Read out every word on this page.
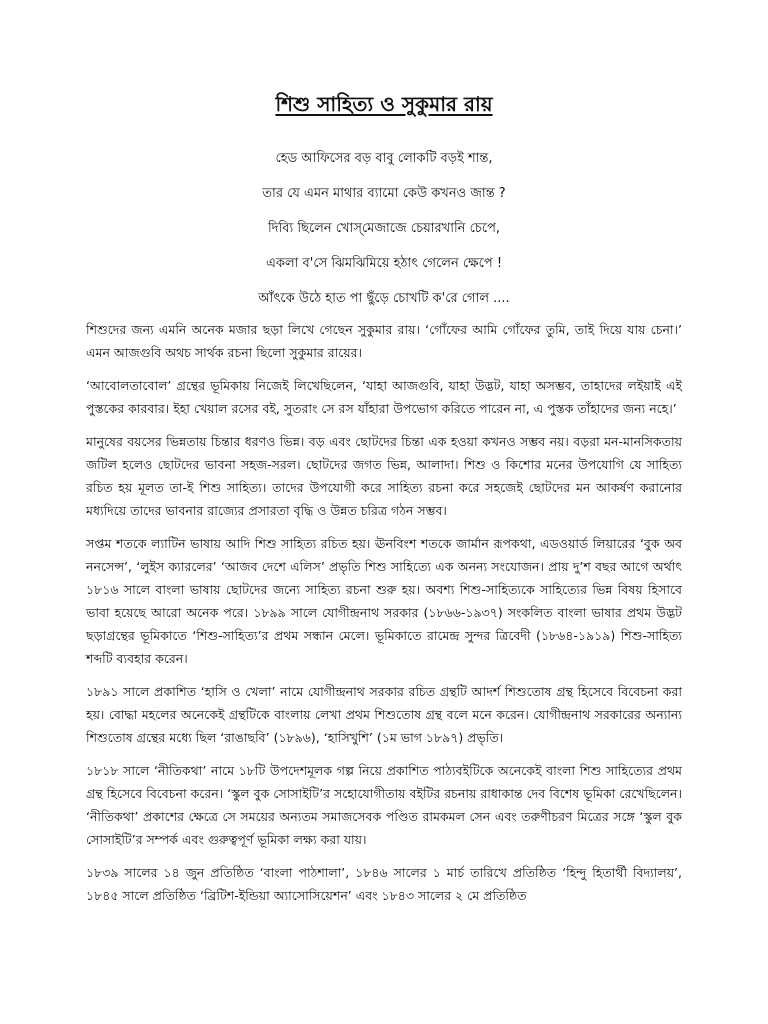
শিশু সাহিত্য ও সুকুমার রায়
হেড আফিসের বড় বাবু লোকটি বড়ই শান্ত,
তার যে এমন মাথার ব্যামো কেউ কখনও জান্ত ?
দিব্যি ছিলেন খোস্‌মেজাজে চেয়ারখানি চেপে,
একলা ব'সে ঝিমঝিমিয়ে হঠাৎ গেলেন ক্ষেপে !
আঁৎকে উঠে হাত পা ছুঁড়ে চোখটি ক'রে গোল ....

শিশুদের জন্য এমনি অনেক মজার ছড়া লিখে গেছেন সুকুমার রায়। ‘গোঁফের আমি গোঁফের তুমি, তাই দিয়ে যায় চেনা।’ এমন আজগুবি অথচ সার্থক রচনা ছিলো সুকুমার রায়ের।

‘আবোলতাবোল’ গ্রন্থের ভূমিকায় নিজেই লিখেছিলেন, ‘যাহা আজগুবি, যাহা উদ্ভট, যাহা অসম্ভব, তাহাদের লইয়াই এই পুস্তকের কারবার। ইহা খেয়াল রসের বই, সুতরাং সে রস যাঁহারা উপভোগ করিতে পারেন না, এ পুস্তক তাঁহাদের জন্য নহে।’

মানুষের বয়সের ভিন্নতায় চিন্তার ধরণও ভিন্ন। বড় এবং ছোটদের চিন্তা এক হওয়া কখনও সম্ভব নয়। বড়রা মন-মানসিকতায় জটিল হলেও ছোটদের ভাবনা সহজ-সরল। ছোটদের জগত ভিন্ন, আলাদা। শিশু ও কিশোর মনের উপযোগি যে সাহিত্য রচিত হয় মূলত তা-ই শিশু সাহিত্য। তাদের উপযোগী করে সাহিত্য রচনা করে সহজেই ছোটদের মন আকর্ষণ করানোর মধ্যদিয়ে তাদের ভাবনার রাজ্যের প্রসারতা বৃদ্ধি ও উন্নত চরিত্র গঠন সম্ভব।

সপ্তম শতকে ল্যাটিন ভাষায় আদি শিশু সাহিত্য রচিত হয়। ঊনবিংশ শতকে জার্মান রূপকথা, এডওয়ার্ড লিয়ারের ‘বুক অব ননসেন্স’, ‘লুইস ক্যারলের’ ‘আজব দেশে এলিস’ প্রভৃতি শিশু সাহিত্যে এক অনন্য সংযোজন। প্রায় দু’শ বছর আগে অর্থাৎ ১৮১৬ সালে বাংলা ভাষায় ছোটদের জন্যে সাহিত্য রচনা শুরু হয়। অবশ্য শিশু-সাহিত্যকে সাহিত্যের ভিন্ন বিষয় হিসাবে ভাবা হয়েছে আরো অনেক পরে। ১৮৯৯ সালে যোগীন্দ্রনাথ সরকার (১৮৬৬-১৯৩৭) সংকলিত বাংলা ভাষার প্রথম উদ্ভট ছড়াগ্রন্থের ভূমিকাতে ‘শিশু-সাহিত্য’র প্রথম সন্ধান মেলে। ভূমিকাতে রামেন্দ্র সুন্দর ত্রিবেদী (১৮৬৪-১৯১৯) শিশু-সাহিত্য শব্দটি ব্যবহার করেন।

১৮৯১ সালে প্রকাশিত ‘হাসি ও খেলা’ নামে যোগীন্দ্রনাথ সরকার রচিত গ্রন্থটি আদর্শ শিশুতোষ গ্রন্থ হিসেবে বিবেচনা করা হয়। বোদ্ধা মহলের অনেকেই গ্রন্থটিকে বাংলায় লেখা প্রথম শিশুতোষ গ্রন্থ বলে মনে করেন। যোগীন্দ্রনাথ সরকারের অন্যান্য শিশুতোষ গ্রন্থের মধ্যে ছিল ‘রাঙাছবি’ (১৮৯৬), ‘হাসিখুশি’ (১ম ভাগ ১৮৯৭) প্রভৃতি।

১৮১৮ সালে ‘নীতিকথা’ নামে ১৮টি উপদেশমূলক গল্প নিয়ে প্রকাশিত পাঠ্যবইটিকে অনেকেই বাংলা শিশু সাহিত্যের প্রথম গ্রন্থ হিসেবে বিবেচনা করেন। ‘স্কুল বুক সোসাইটি’র সহোযোগীতায় বইটির রচনায় রাধাকান্ত দেব বিশেষ ভূমিকা রেখেছিলেন। ‘নীতিকথা’ প্রকাশের ক্ষেত্রে সে সময়ের অন্যতম সমাজসেবক পণ্ডিত রামকমল সেন এবং তরুণীচরণ মিত্রের সঙ্গে ‘স্কুল বুক সোসাইটি’র সম্পর্ক এবং গুরুত্বপূর্ণ ভূমিকা লক্ষ্য করা যায়।

১৮৩৯ সালের ১৪ জুন প্রতিষ্ঠিত ‘বাংলা পাঠশালা’, ১৮৪৬ সালের ১ মার্চ তারিখে প্রতিষ্ঠিত ‘হিন্দু হিতার্থী বিদ্যালয়’, ১৮৪৫ সালে প্রতিষ্ঠিত ‘ব্রিটিশ-ইন্ডিয়া অ্যাসোসিয়েশন’ এবং ১৮৪৩ সালের ২ মে প্রতিষ্ঠিত
